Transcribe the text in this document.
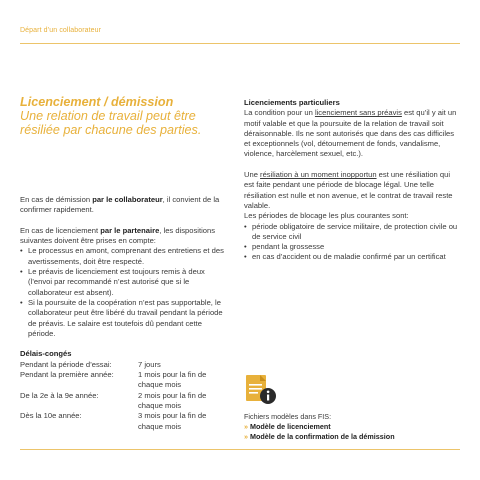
Départ d’un collaborateur
Licenciement / démission
Une relation de travail peut être résiliée par chacune des parties.

En cas de démission par le collaborateur, il convient de la confirmer rapidement.

En cas de licenciement par le partenaire, les dispositions suivantes doivent être prises en compte:

• Le processus en amont, comprenant des entretiens et des avertissements, doit être respecté.
• Le préavis de licenciement est toujours remis à deux (l’envoi par recommandé n’est autorisé que si le collaborateur est absent).
• Si la poursuite de la coopération n’est pas supportable, le collaborateur peut être libéré du travail pendant la période de préavis. Le salaire est toutefois dû pendant cette période.

Délais-congés

Pendant la période d’essai:	7 jours
Pendant la première année:	1 mois pour la fin de chaque mois
De la 2e à la 9e année:	2 mois pour la fin de chaque mois
Dès la 10e année:	3 mois pour la fin de chaque mois

Licenciements particuliers

La condition pour un licenciement sans préavis est qu’il y ait un motif valable et que la poursuite de la relation de travail soit déraisonnable. Ils ne sont autorisés que dans des cas difficiles et exceptionnels (vol, détournement de fonds, vandalisme, violence, harcèlement sexuel, etc.).

Une résiliation à un moment inopportun est une résiliation qui est faite pendant une période de blocage légal. Une telle résiliation est nulle et non avenue, et le contrat de travail reste valable.

Les périodes de blocage les plus courantes sont:

• période obligatoire de service militaire, de protection civile ou de service civil
• pendant la grossesse
• en cas d’accident ou de maladie confirmé par un certificat

Fichiers modèles dans FIS:

» Modèle de licenciement

» Modèle de la confirmation de la démission
